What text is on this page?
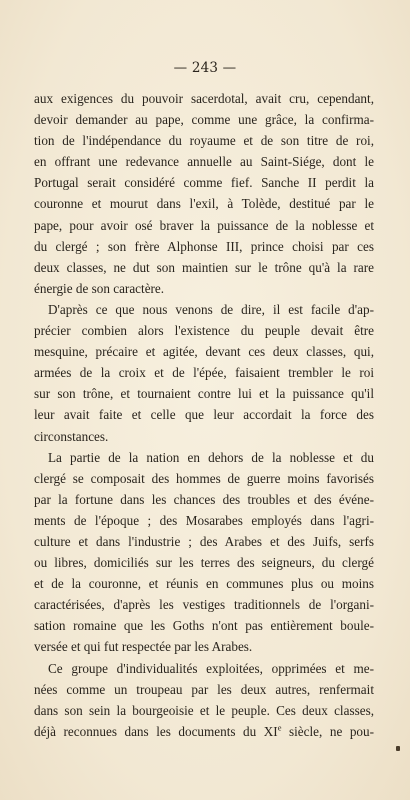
— 243 —
aux exigences du pouvoir sacerdotal, avait cru, cependant,
devoir demander au pape, comme une grâce, la confirma-
tion de l'indépendance du royaume et de son titre de roi,
en offrant une redevance annuelle au Saint-Siége, dont le
Portugal serait considéré comme fief. Sanche II perdit la
couronne et mourut dans l'exil, à Tolède, destitué par le
pape, pour avoir osé braver la puissance de la noblesse et
du clergé ; son frère Alphonse III, prince choisi par ces
deux classes, ne dut son maintien sur le trône qu'à la rare
énergie de son caractère.
D'après ce que nous venons de dire, il est facile d'ap-
précier combien alors l'existence du peuple devait être
mesquine, précaire et agitée, devant ces deux classes, qui,
armées de la croix et de l'épée, faisaient trembler le roi
sur son trône, et tournaient contre lui et la puissance qu'il
leur avait faite et celle que leur accordait la force des
circonstances.
La partie de la nation en dehors de la noblesse et du
clergé se composait des hommes de guerre moins favorisés
par la fortune dans les chances des troubles et des événe-
ments de l'époque ; des Mosarabes employés dans l'agri-
culture et dans l'industrie ; des Arabes et des Juifs, serfs
ou libres, domiciliés sur les terres des seigneurs, du clergé
et de la couronne, et réunis en communes plus ou moins
caractérisées, d'après les vestiges traditionnels de l'organi-
sation romaine que les Goths n'ont pas entièrement boule-
versée et qui fut respectée par les Arabes.
Ce groupe d'individualités exploitées, opprimées et me-
nées comme un troupeau par les deux autres, renfermait
dans son sein la bourgeoisie et le peuple. Ces deux classes,
déjà reconnues dans les documents du XIe siècle, ne pou-
